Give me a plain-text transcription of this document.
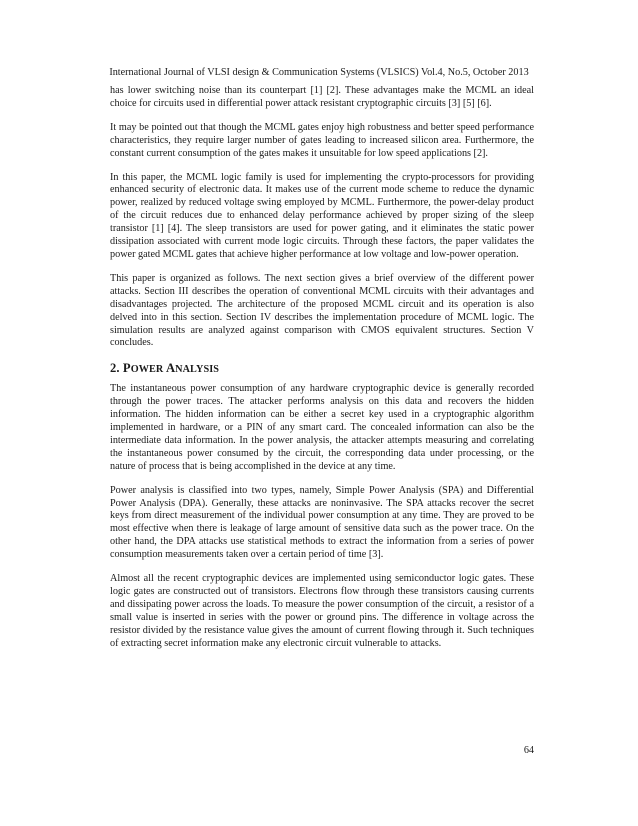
International Journal of VLSI design & Communication Systems (VLSICS) Vol.4, No.5, October 2013

has lower switching noise than its counterpart [1] [2]. These advantages make the MCML an ideal choice for circuits used in differential power attack resistant cryptographic circuits [3] [5] [6].

It may be pointed out that though the MCML gates enjoy high robustness and better speed performance characteristics, they require larger number of gates leading to increased silicon area. Furthermore, the constant current consumption of the gates makes it unsuitable for low speed applications [2].

In this paper, the MCML logic family is used for implementing the crypto-processors for providing enhanced security of electronic data. It makes use of the current mode scheme to reduce the dynamic power, realized by reduced voltage swing employed by MCML. Furthermore, the power-delay product of the circuit reduces due to enhanced delay performance achieved by proper sizing of the sleep transistor [1] [4]. The sleep transistors are used for power gating, and it eliminates the static power dissipation associated with current mode logic circuits. Through these factors, the paper validates the power gated MCML gates that achieve higher performance at low voltage and low-power operation.

This paper is organized as follows. The next section gives a brief overview of the different power attacks. Section III describes the operation of conventional MCML circuits with their advantages and disadvantages projected. The architecture of the proposed MCML circuit and its operation is also delved into in this section. Section IV describes the implementation procedure of MCML logic. The simulation results are analyzed against comparison with CMOS equivalent structures. Section V concludes.

2. POWER ANALYSIS

The instantaneous power consumption of any hardware cryptographic device is generally recorded through the power traces. The attacker performs analysis on this data and recovers the hidden information. The hidden information can be either a secret key used in a cryptographic algorithm implemented in hardware, or a PIN of any smart card. The concealed information can also be the intermediate data information. In the power analysis, the attacker attempts measuring and correlating the instantaneous power consumed by the circuit, the corresponding data under processing, or the nature of process that is being accomplished in the device at any time.

Power analysis is classified into two types, namely, Simple Power Analysis (SPA) and Differential Power Analysis (DPA). Generally, these attacks are noninvasive. The SPA attacks recover the secret keys from direct measurement of the individual power consumption at any time. They are proved to be most effective when there is leakage of large amount of sensitive data such as the power trace. On the other hand, the DPA attacks use statistical methods to extract the information from a series of power consumption measurements taken over a certain period of time [3].

Almost all the recent cryptographic devices are implemented using semiconductor logic gates. These logic gates are constructed out of transistors. Electrons flow through these transistors causing currents and dissipating power across the loads. To measure the power consumption of the circuit, a resistor of a small value is inserted in series with the power or ground pins. The difference in voltage across the resistor divided by the resistance value gives the amount of current flowing through it. Such techniques of extracting secret information make any electronic circuit vulnerable to attacks.

64
